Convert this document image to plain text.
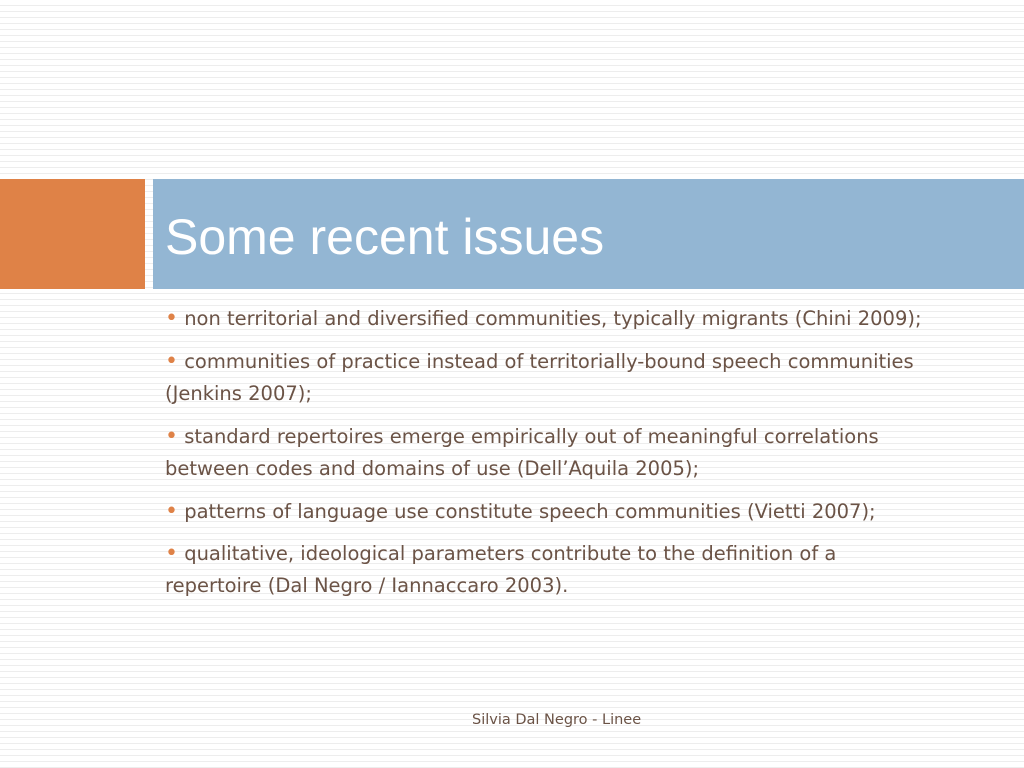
Some recent issues
• non territorial and diversified communities, typically migrants (Chini 2009);
• communities of practice instead of territorially-bound speech communities (Jenkins 2007);
• standard repertoires emerge empirically out of meaningful correlations between codes and domains of use (Dell’Aquila 2005);
• patterns of language use constitute speech communities (Vietti 2007);
• qualitative, ideological parameters contribute to the definition of a repertoire (Dal Negro / Iannaccaro 2003).
Silvia Dal Negro - Linee
